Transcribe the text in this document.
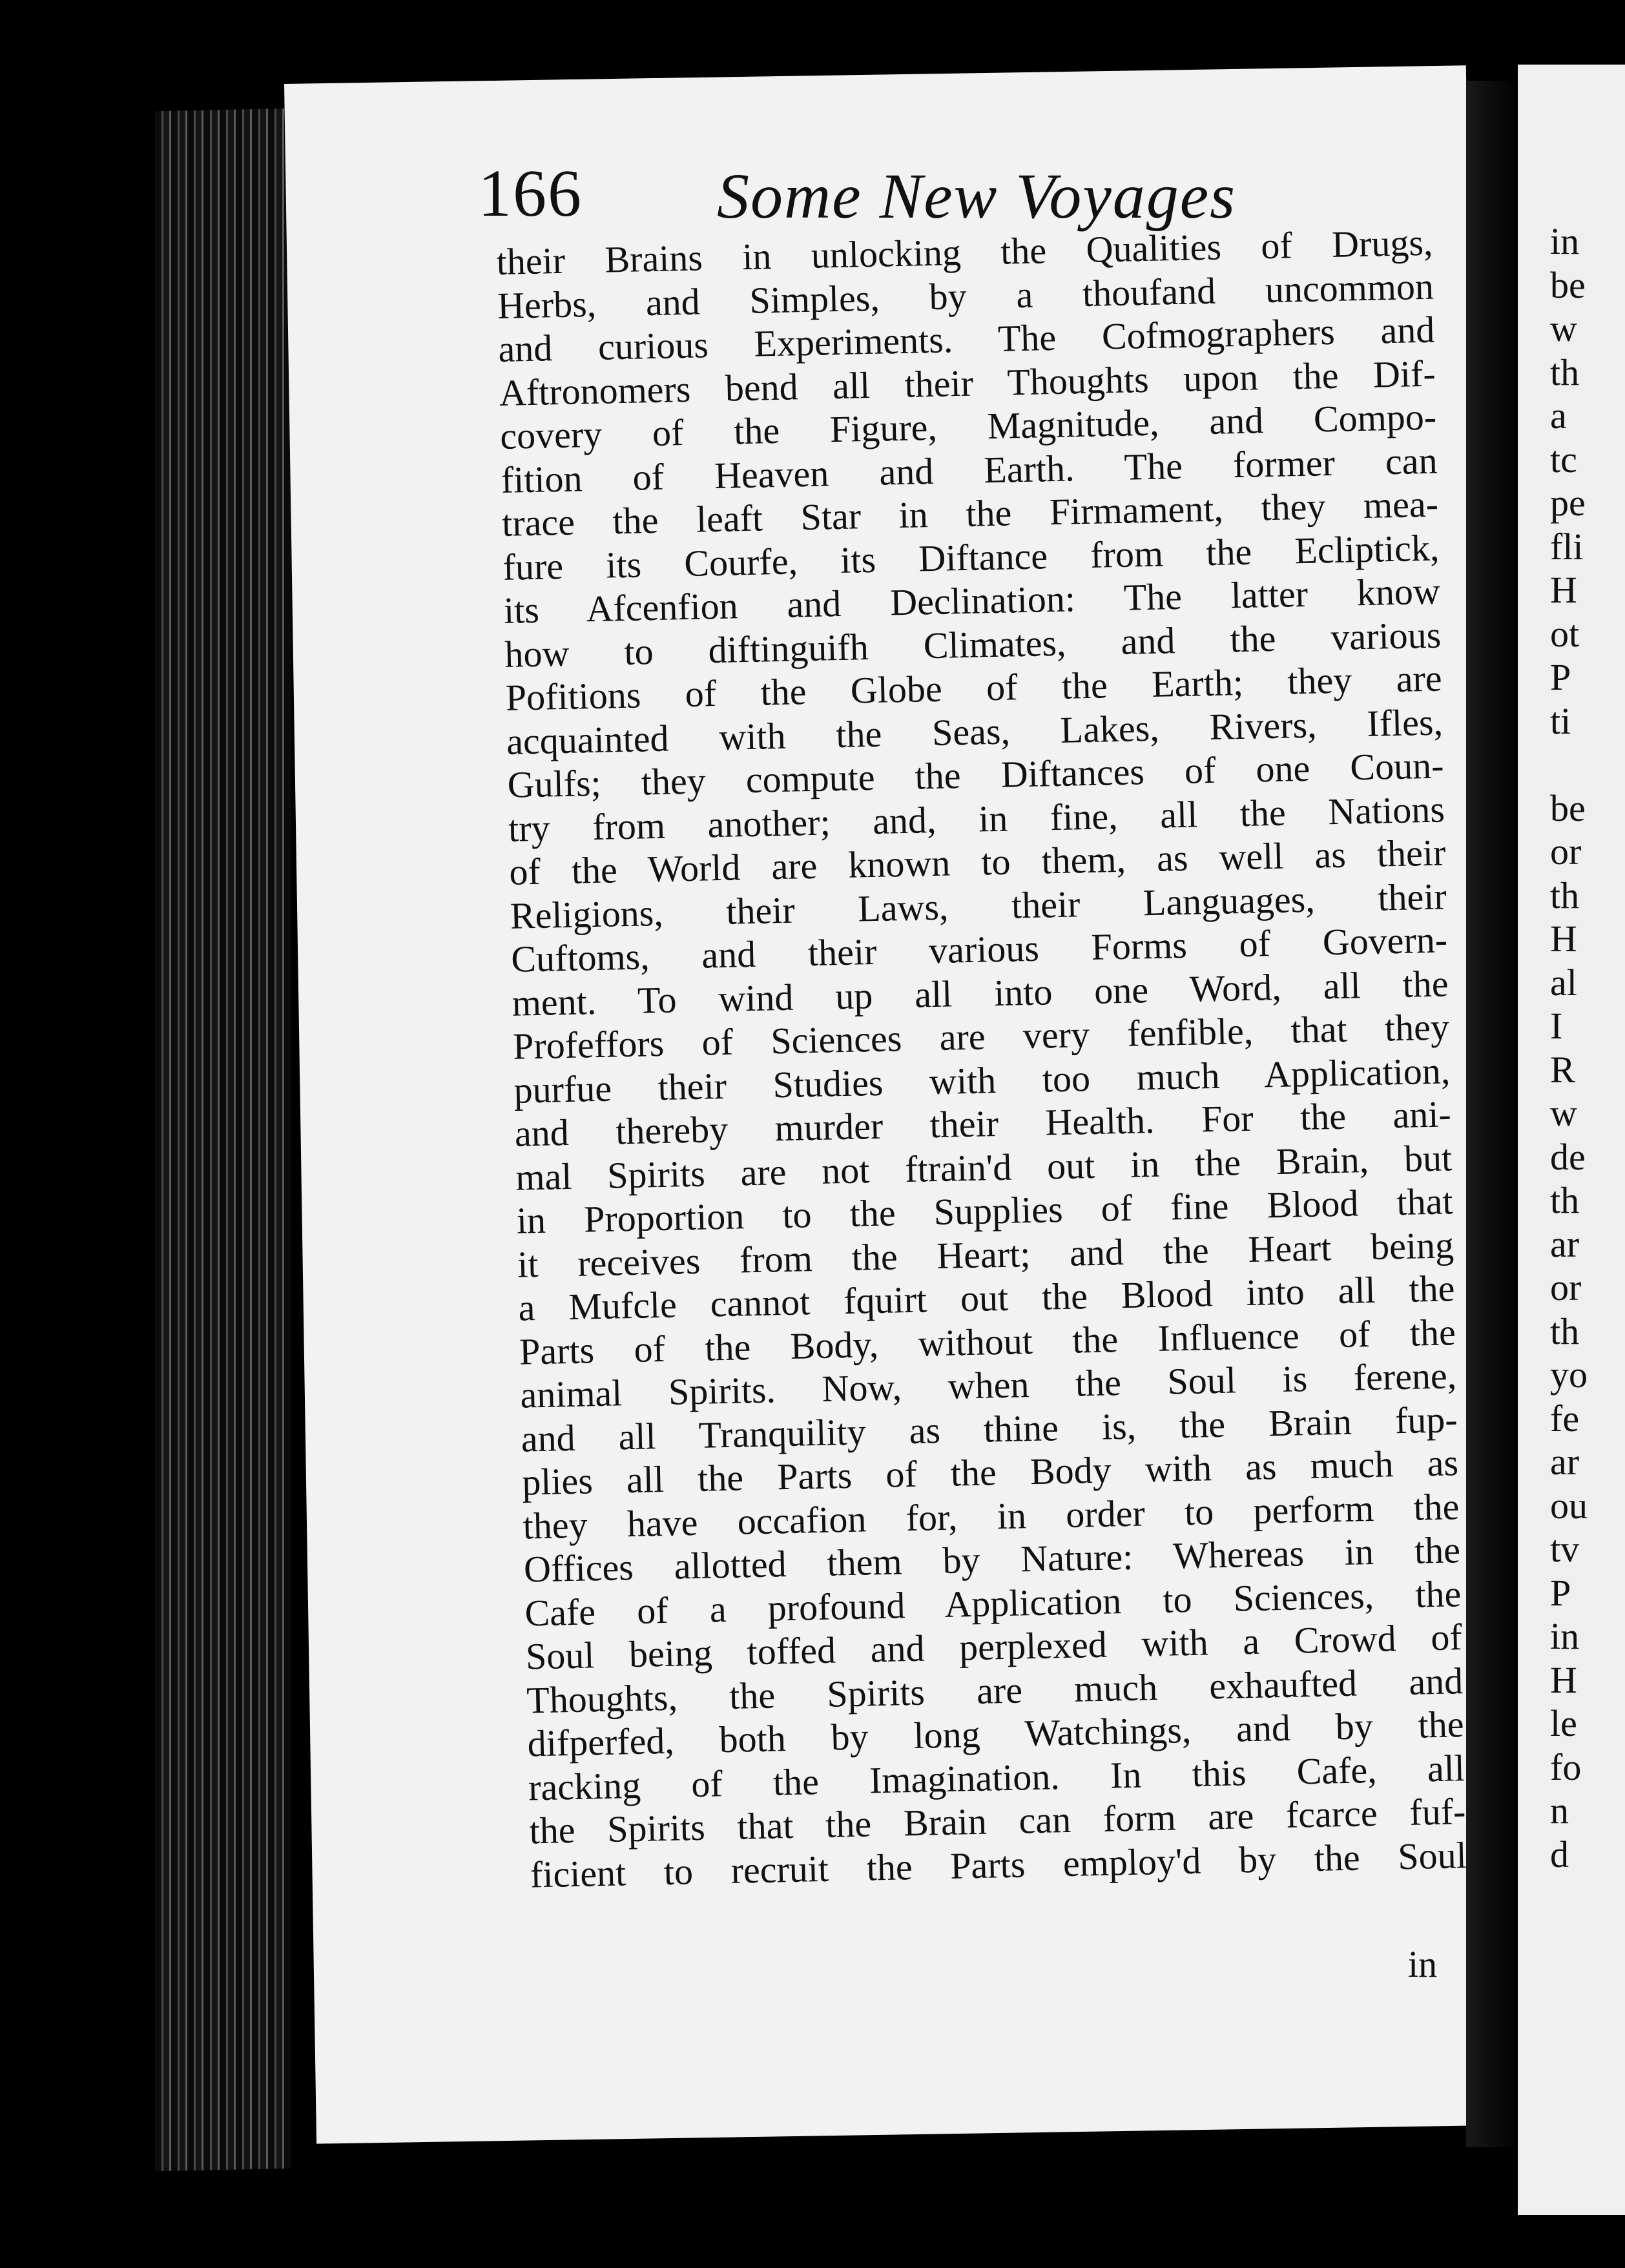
in
be
w
th
a
tc
pe
fli
H
ot
P
ti
be
or
th
H
al
I
R
w
de
th
ar
or
th
yo
fe
ar
ou
tv
P
in
H
le
fo
n
d
166 Some New Voyages
their Brains in unlocking the Qualities of Drugs,
Herbs, and Simples, by a thoufand uncommon
and curious Experiments. The Cofmographers and
Aftronomers bend all their Thoughts upon the Dif-
covery of the Figure, Magnitude, and Compo-
fition of Heaven and Earth. The former can
trace the leaft Star in the Firmament, they mea-
fure its Courfe, its Diftance from the Ecliptick,
its Afcenfion and Declination: The latter know
how to diftinguifh Climates, and the various
Pofitions of the Globe of the Earth; they are
acquainted with the Seas, Lakes, Rivers, Ifles,
Gulfs; they compute the Diftances of one Coun-
try from another; and, in fine, all the Nations
of the World are known to them, as well as their
Religions, their Laws, their Languages, their
Cuftoms, and their various Forms of Govern-
ment. To wind up all into one Word, all the
Profeffors of Sciences are very fenfible, that they
purfue their Studies with too much Application,
and thereby murder their Health. For the ani-
mal Spirits are not ftrain'd out in the Brain, but
in Proportion to the Supplies of fine Blood that
it receives from the Heart; and the Heart being
a Mufcle cannot fquirt out the Blood into all the
Parts of the Body, without the Influence of the
animal Spirits. Now, when the Soul is ferene,
and all Tranquility as thine is, the Brain fup-
plies all the Parts of the Body with as much as
they have occafion for, in order to perform the
Offices allotted them by Nature: Whereas in the
Cafe of a profound Application to Sciences, the
Soul being toffed and perplexed with a Crowd of
Thoughts, the Spirits are much exhaufted and
difperfed, both by long Watchings, and by the
racking of the Imagination. In this Cafe, all
the Spirits that the Brain can form are fcarce fuf-
ficient to recruit the Parts employ'd by the Soul
in
